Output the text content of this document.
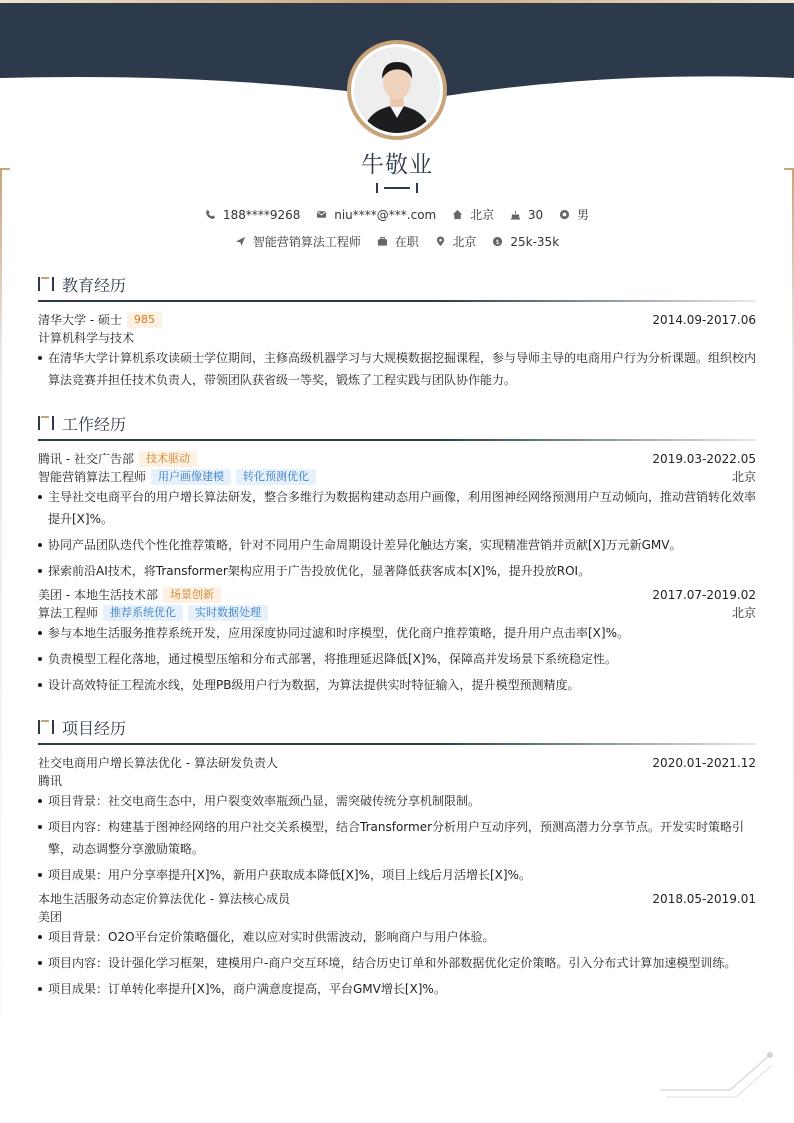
牛敬业
188****9268
	niu****@***.com
	北京
	30
	男
智能营销算法工程师
	在职
	北京
	$ 25k-35k
教育经历
清华大学 - 硕士 985	2014.09-2017.06
计算机科学与技术
在清华大学计算机系攻读硕士学位期间，主修高级机器学习与大规模数据挖掘课程，参与导师主导的电商用户行为分析课题。组织校内算法竞赛并担任技术负责人，带领团队获省级一等奖，锻炼了工程实践与团队协作能力。
工作经历
腾讯 - 社交广告部 技术驱动	2019.03-2022.05
智能营销算法工程师 用户画像建模 转化预测优化	北京
主导社交电商平台的用户增长算法研发，整合多维行为数据构建动态用户画像，利用图神经网络预测用户互动倾向，推动营销转化效率提升[X]%。
协同产品团队迭代个性化推荐策略，针对不同用户生命周期设计差异化触达方案，实现精准营销并贡献[X]万元新GMV。
探索前沿AI技术，将Transformer架构应用于广告投放优化，显著降低获客成本[X]%，提升投放ROI。
美团 - 本地生活技术部 场景创新	2017.07-2019.02
算法工程师 推荐系统优化 实时数据处理	北京
参与本地生活服务推荐系统开发，应用深度协同过滤和时序模型，优化商户推荐策略，提升用户点击率[X]%。
负责模型工程化落地，通过模型压缩和分布式部署，将推理延迟降低[X]%，保障高并发场景下系统稳定性。
设计高效特征工程流水线，处理PB级用户行为数据，为算法提供实时特征输入，提升模型预测精度。
项目经历
社交电商用户增长算法优化 - 算法研发负责人	2020.01-2021.12
腾讯
项目背景：社交电商生态中，用户裂变效率瓶颈凸显，需突破传统分享机制限制。
项目内容：构建基于图神经网络的用户社交关系模型，结合Transformer分析用户互动序列，预测高潜力分享节点。开发实时策略引擎，动态调整分享激励策略。
项目成果：用户分享率提升[X]%，新用户获取成本降低[X]%，项目上线后月活增长[X]%。
本地生活服务动态定价算法优化 - 算法核心成员	2018.05-2019.01
美团
项目背景：O2O平台定价策略僵化，难以应对实时供需波动，影响商户与用户体验。
项目内容：设计强化学习框架，建模用户-商户交互环境，结合历史订单和外部数据优化定价策略。引入分布式计算加速模型训练。
项目成果：订单转化率提升[X]%，商户满意度提高，平台GMV增长[X]%。
